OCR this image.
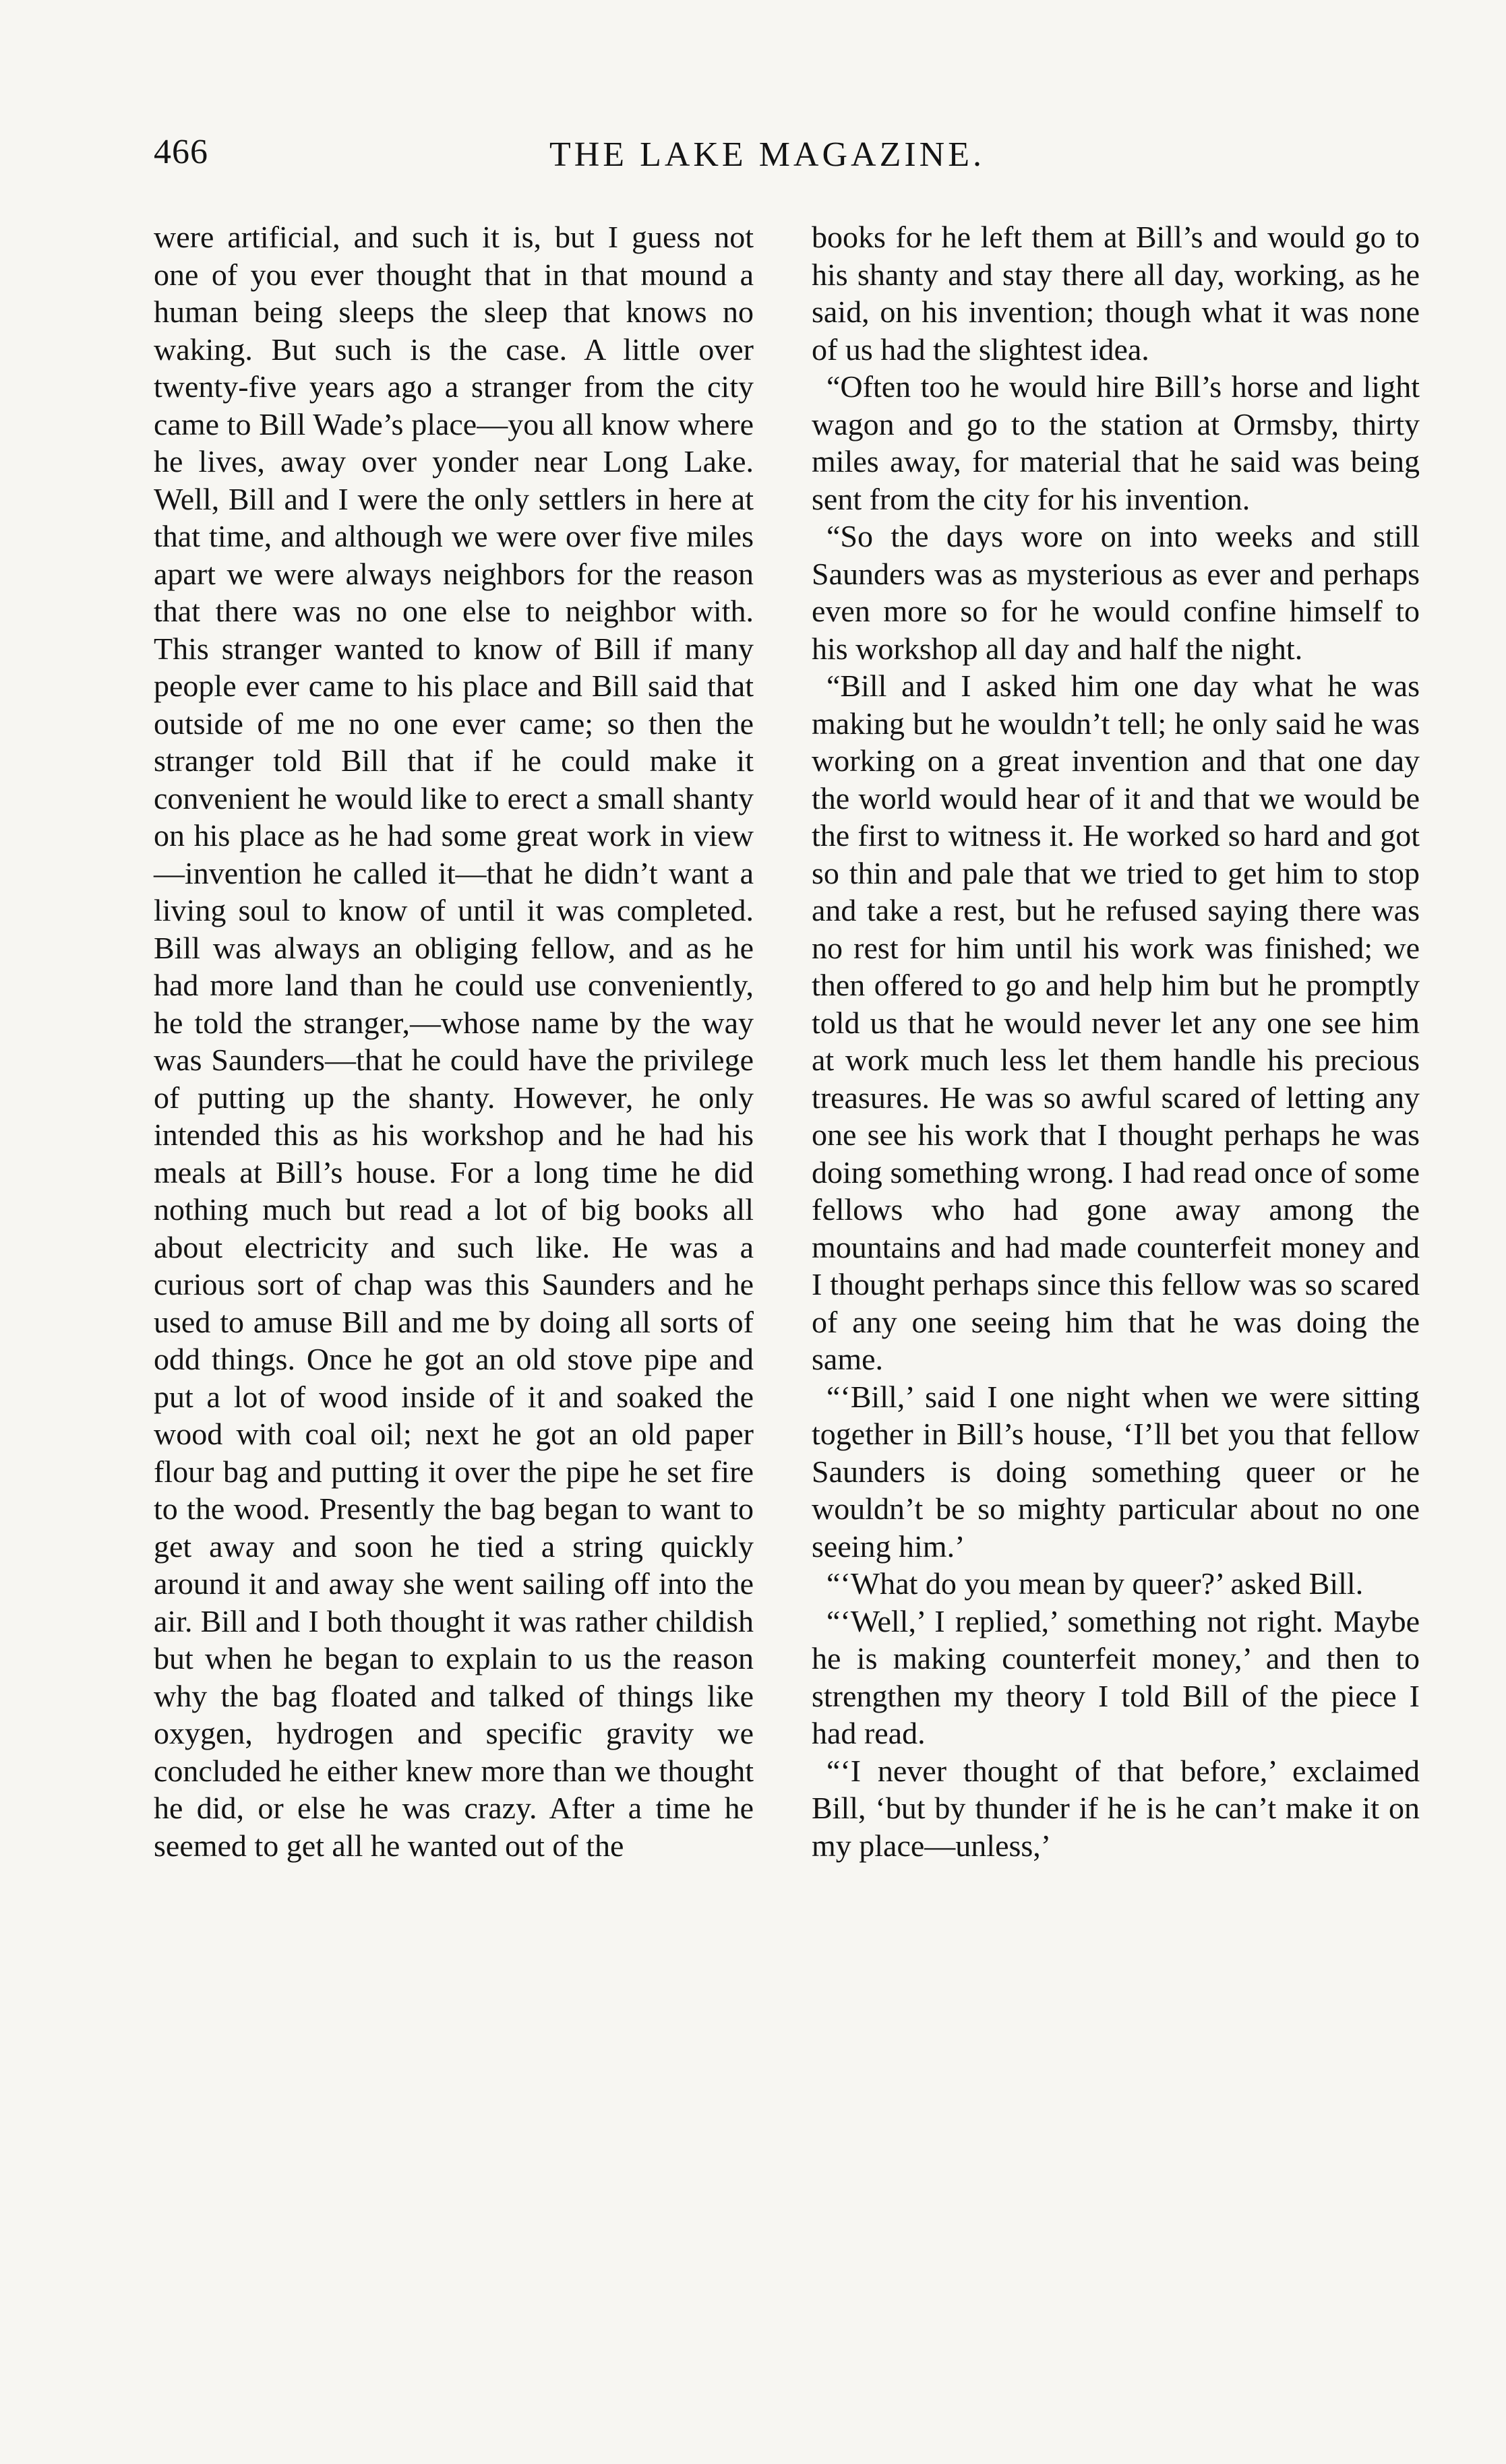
466	THE LAKE MAGAZINE.

were artificial, and such it is, but I guess not one of you ever thought that in that mound a human being sleeps the sleep that knows no waking. But such is the case. A little over twenty-five years ago a stranger from the city came to Bill Wade’s place—you all know where he lives, away over yonder near Long Lake. Well, Bill and I were the only settlers in here at that time, and although we were over five miles apart we were always neighbors for the reason that there was no one else to neighbor with. This stranger wanted to know of Bill if many people ever came to his place and Bill said that outside of me no one ever came; so then the stranger told Bill that if he could make it convenient he would like to erect a small shanty on his place as he had some great work in view—invention he called it—that he didn’t want a living soul to know of until it was completed. Bill was always an obliging fellow, and as he had more land than he could use conveniently, he told the stranger,—whose name by the way was Saunders—that he could have the privilege of putting up the shanty. However, he only intended this as his workshop and he had his meals at Bill’s house. For a long time he did nothing much but read a lot of big books all about electricity and such like. He was a curious sort of chap was this Saunders and he used to amuse Bill and me by doing all sorts of odd things. Once he got an old stove pipe and put a lot of wood inside of it and soaked the wood with coal oil; next he got an old paper flour bag and putting it over the pipe he set fire to the wood. Presently the bag began to want to get away and soon he tied a string quickly around it and away she went sailing off into the air. Bill and I both thought it was rather childish but when he began to explain to us the reason why the bag floated and talked of things like oxygen, hydrogen and specific gravity we concluded he either knew more than we thought he did, or else he was crazy. After a time he seemed to get all he wanted out of the

books for he left them at Bill’s and would go to his shanty and stay there all day, working, as he said, on his invention; though what it was none of us had the slightest idea.

“Often too he would hire Bill’s horse and light wagon and go to the station at Ormsby, thirty miles away, for material that he said was being sent from the city for his invention.

“So the days wore on into weeks and still Saunders was as mysterious as ever and perhaps even more so for he would confine himself to his workshop all day and half the night.

“Bill and I asked him one day what he was making but he wouldn’t tell; he only said he was working on a great invention and that one day the world would hear of it and that we would be the first to witness it. He worked so hard and got so thin and pale that we tried to get him to stop and take a rest, but he refused saying there was no rest for him until his work was finished; we then offered to go and help him but he promptly told us that he would never let any one see him at work much less let them handle his precious treasures. He was so awful scared of letting any one see his work that I thought perhaps he was doing something wrong. I had read once of some fellows who had gone away among the mountains and had made counterfeit money and I thought perhaps since this fellow was so scared of any one seeing him that he was doing the same.

“‘Bill,’ said I one night when we were sitting together in Bill’s house, ‘I’ll bet you that fellow Saunders is doing something queer or he wouldn’t be so mighty particular about no one seeing him.’

“‘What do you mean by queer?’ asked Bill.

“‘Well,’ I replied,’ something not right. Maybe he is making counterfeit money,’ and then to strengthen my theory I told Bill of the piece I had read.

“‘I never thought of that before,’ exclaimed Bill, ‘but by thunder if he is he can’t make it on my place—unless,’
